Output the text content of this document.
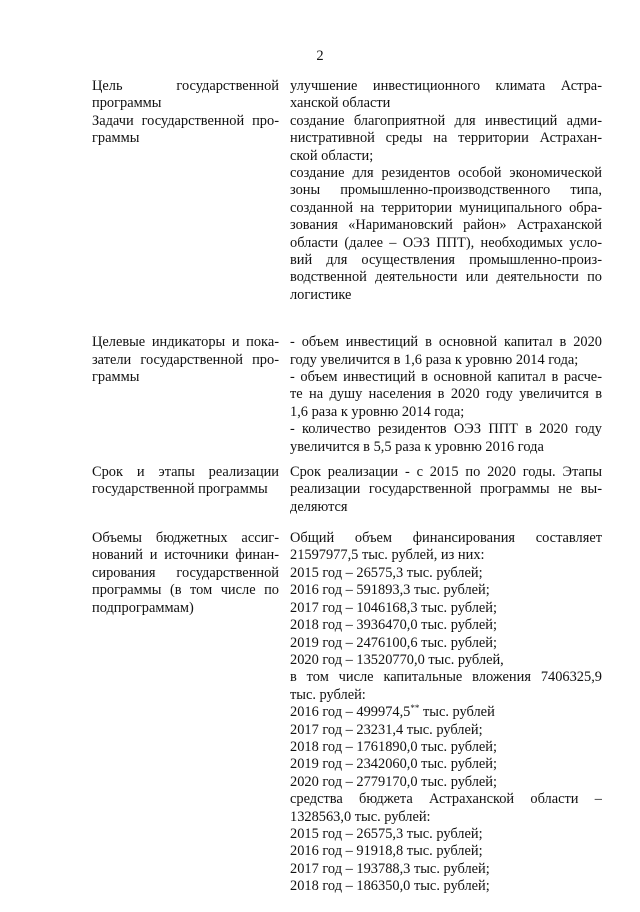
2
Цель государственной
программы
улучшение инвестиционного климата Астра-
ханской области
Задачи государственной про-
граммы
создание благоприятной для инвестиций адми-
нистративной среды на территории Астрахан-
ской области;
создание для резидентов особой экономической
зоны промышленно-производственного типа,
созданной на территории муниципального обра-
зования «Наримановский район» Астраханской
области (далее – ОЭЗ ППТ), необходимых усло-
вий для осуществления промышленно-произ-
водственной деятельности или деятельности по
логистике
Целевые индикаторы и пока-
затели государственной про-
граммы
- объем инвестиций в основной капитал в 2020
году увеличится в 1,6 раза к уровню 2014 года;
- объем инвестиций в основной капитал в расче-
те на душу населения в 2020 году увеличится в
1,6 раза к уровню 2014 года;
- количество резидентов ОЭЗ ППТ в 2020 году
увеличится в 5,5 раза к уровню 2016 года
Срок и этапы реализации
государственной программы
Срок реализации - с 2015 по 2020 годы. Этапы
реализации государственной программы не вы-
деляются
Объемы бюджетных ассиг-
нований и источники финан-
сирования государственной
программы (в том числе по
подпрограммам)
Общий объем финансирования составляет
21597977,5 тыс. рублей, из них:
2015 год – 26575,3 тыс. рублей;
2016 год – 591893,3 тыс. рублей;
2017 год – 1046168,3 тыс. рублей;
2018 год – 3936470,0 тыс. рублей;
2019 год – 2476100,6 тыс. рублей;
2020 год – 13520770,0 тыс. рублей,
в том числе капитальные вложения 7406325,9
тыс. рублей:
2016 год – 499974,5** тыс. рублей
2017 год – 23231,4 тыс. рублей;
2018 год – 1761890,0 тыс. рублей;
2019 год – 2342060,0 тыс. рублей;
2020 год – 2779170,0 тыс. рублей;
средства бюджета Астраханской области –
1328563,0 тыс. рублей:
2015 год – 26575,3 тыс. рублей;
2016 год – 91918,8 тыс. рублей;
2017 год – 193788,3 тыс. рублей;
2018 год – 186350,0 тыс. рублей;
